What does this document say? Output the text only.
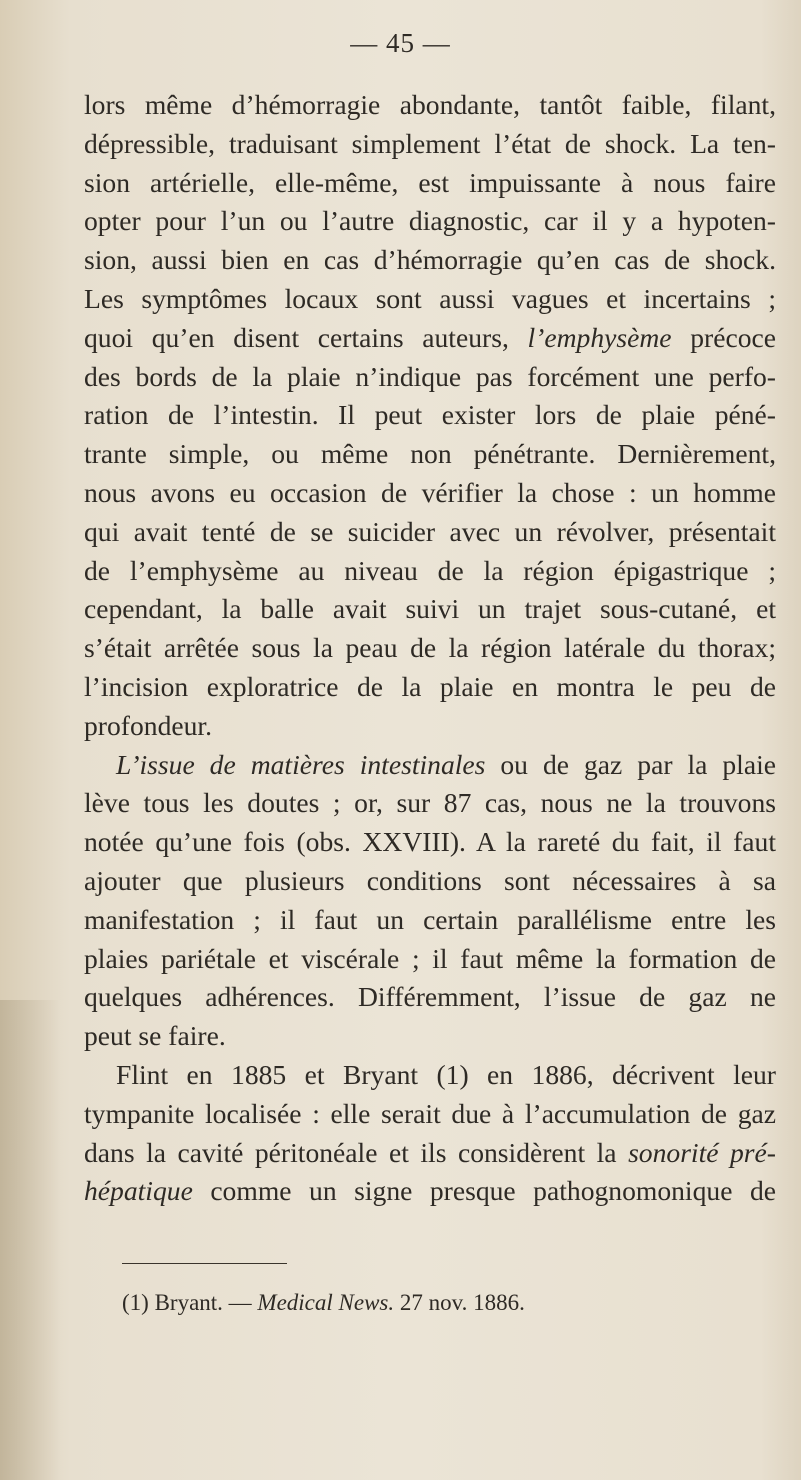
— 45 —
lors même d’hémorragie abondante, tantôt faible, filant,
dépressible, traduisant simplement l’état de shock. La ten-
sion artérielle, elle-même, est impuissante à nous faire
opter pour l’un ou l’autre diagnostic, car il y a hypoten-
sion, aussi bien en cas d’hémorragie qu’en cas de shock.
Les symptômes locaux sont aussi vagues et incertains ;
quoi qu’en disent certains auteurs, l’emphysème précoce
des bords de la plaie n’indique pas forcément une perfo-
ration de l’intestin. Il peut exister lors de plaie péné-
trante simple, ou même non pénétrante. Dernièrement,
nous avons eu occasion de vérifier la chose : un homme
qui avait tenté de se suicider avec un révolver, présentait
de l’emphysème au niveau de la région épigastrique ;
cependant, la balle avait suivi un trajet sous-cutané, et
s’était arrêtée sous la peau de la région latérale du thorax;
l’incision exploratrice de la plaie en montra le peu de
profondeur.
L’issue de matières intestinales ou de gaz par la plaie
lève tous les doutes ; or, sur 87 cas, nous ne la trouvons
notée qu’une fois (obs. XXVIII). A la rareté du fait, il faut
ajouter que plusieurs conditions sont nécessaires à sa
manifestation ; il faut un certain parallélisme entre les
plaies pariétale et viscérale ; il faut même la formation de
quelques adhérences. Différemment, l’issue de gaz ne
peut se faire.
Flint en 1885 et Bryant (1) en 1886, décrivent leur
tympanite localisée : elle serait due à l’accumulation de gaz
dans la cavité péritonéale et ils considèrent la sonorité pré-
hépatique comme un signe presque pathognomonique de
(1) Bryant. — Medical News. 27 nov. 1886.
